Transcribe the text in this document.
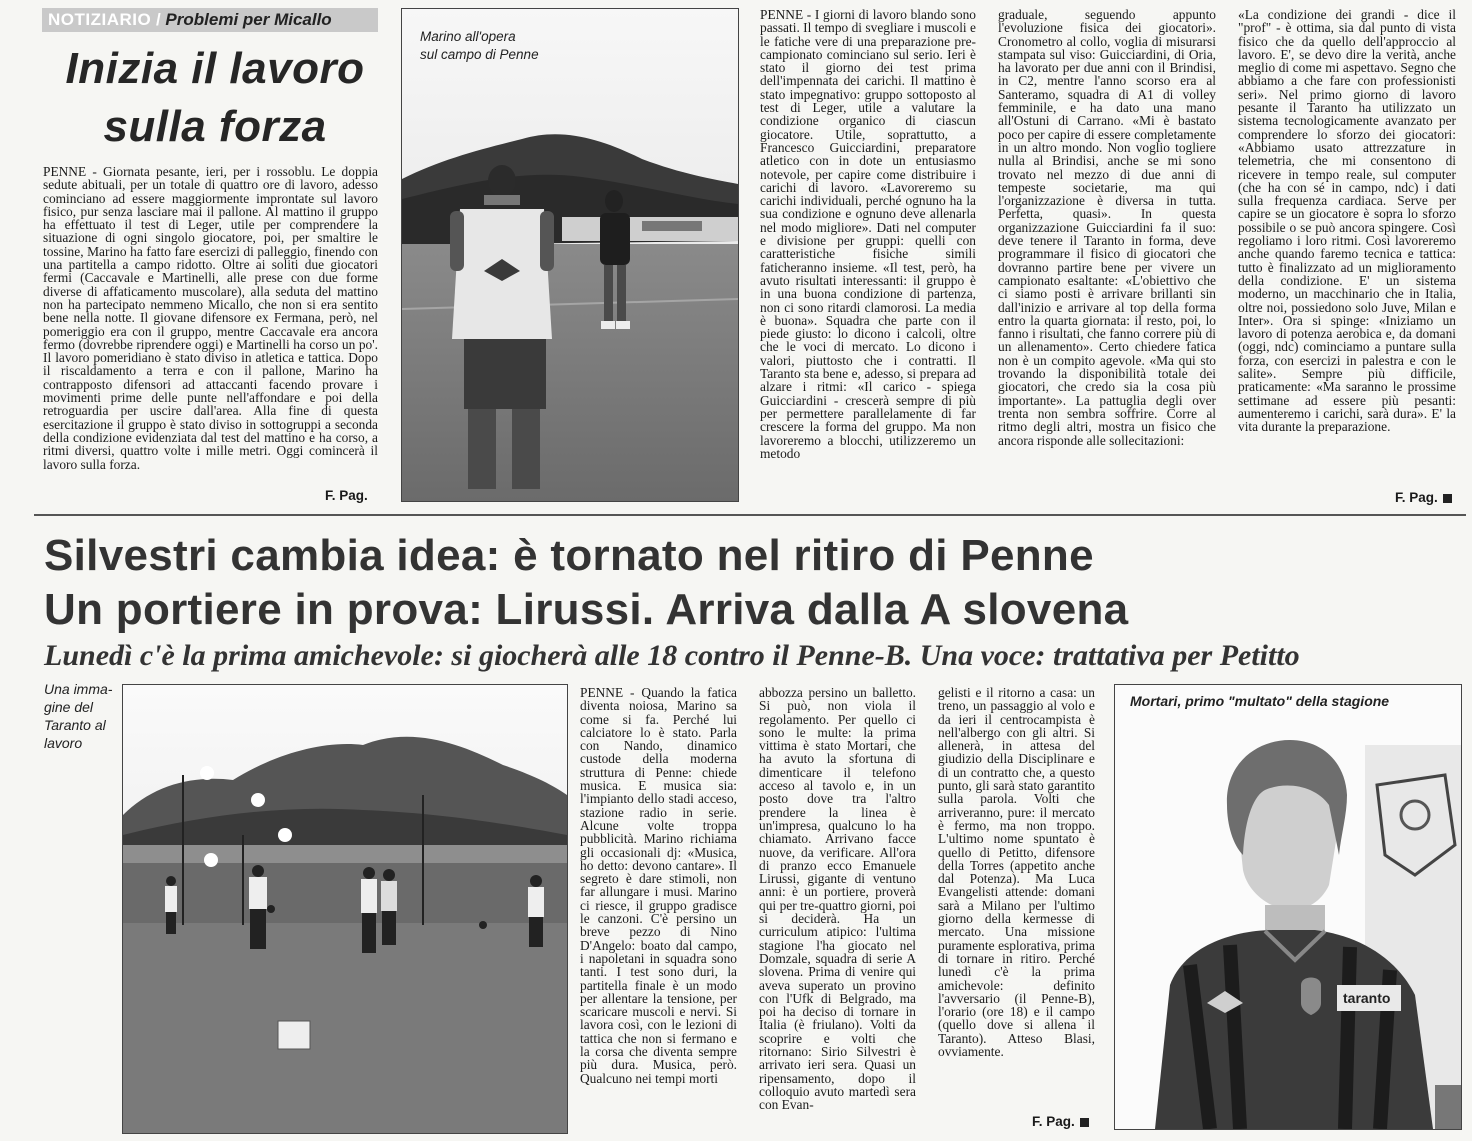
NOTIZIARIO / Problemi per Micallo
Inizia il lavoro
sulla forza

PENNE - Giornata pesante, ieri, per i rossoblu. Le doppia sedute abituali, per un totale di quattro ore di lavoro, adesso cominciano ad essere maggiormente improntate sul lavoro fisico, pur senza lasciare mai il pallone. Al mattino il gruppo ha effettuato il test di Leger, utile per comprendere la situazione di ogni singolo giocatore, poi, per smaltire le tossine, Marino ha fatto fare esercizi di palleggio, finendo con una partitella a campo ridotto. Oltre ai soliti due giocatori fermi (Caccavale e Martinelli, alle prese con due forme diverse di affaticamento muscolare), alla seduta del mattino non ha partecipato nemmeno Micallo, che non si era sentito bene nella notte. Il giovane difensore ex Fermana, però, nel pomeriggio era con il gruppo, mentre Caccavale era ancora fermo (dovrebbe riprendere oggi) e Martinelli ha corso un po'. Il lavoro pomeridiano è stato diviso in atletica e tattica. Dopo il riscaldamento a terra e con il pallone, Marino ha contrapposto difensori ad attaccanti facendo provare i movimenti prime delle punte nell'affondare e poi della retroguardia per uscire dall'area. Alla fine di questa esercitazione il gruppo è stato diviso in sottogruppi a seconda della condizione evidenziata dal test del mattino e ha corso, a ritmi diversi, quattro volte i mille metri. Oggi comincerà il lavoro sulla forza.

F. Pag.
Marino all'opera
sul campo di Penne

PENNE - I giorni di lavoro blando sono passati. Il tempo di svegliare i muscoli e le fatiche vere di una preparazione pre-campionato cominciano sul serio. Ieri è stato il giorno dei test prima dell'impennata dei carichi. Il mattino è stato impegnativo: gruppo sottoposto al test di Leger, utile a valutare la condizione organico di ciascun giocatore. Utile, soprattutto, a Francesco Guicciardini, preparatore atletico con in dote un entusiasmo notevole, per capire come distribuire i carichi di lavoro. «Lavoreremo su carichi individuali, perché ognuno ha la sua condizione e ognuno deve allenarla nel modo migliore». Dati nel computer e divisione per gruppi: quelli con caratteristiche fisiche simili faticheranno insieme. «Il test, però, ha avuto risultati interessanti: il gruppo è in una buona condizione di partenza, non ci sono ritardi clamorosi. La media è buona». Squadra che parte con il piede giusto: lo dicono i calcoli, oltre che le voci di mercato. Lo dicono i valori, piuttosto che i contratti. Il Taranto sta bene e, adesso, si prepara ad alzare i ritmi: «Il carico - spiega Guicciardini - crescerà sempre di più per permettere parallelamente di far crescere la forma del gruppo. Ma non lavoreremo a blocchi, utilizzeremo un metodo

graduale, seguendo appunto l'evoluzione fisica dei giocatori». Cronometro al collo, voglia di misurarsi stampata sul viso: Guicciardini, di Oria, ha lavorato per due anni con il Brindisi, in C2, mentre l'anno scorso era al Santeramo, squadra di A1 di volley femminile, e ha dato una mano all'Ostuni di Carrano. «Mi è bastato poco per capire di essere completamente in un altro mondo. Non voglio togliere nulla al Brindisi, anche se mi sono trovato nel mezzo di due anni di tempeste societarie, ma qui l'organizzazione è diversa in tutta. Perfetta, quasi». In questa organizzazione Guicciardini fa il suo: deve tenere il Taranto in forma, deve programmare il fisico di giocatori che dovranno partire bene per vivere un campionato esaltante: «L'obiettivo che ci siamo posti è arrivare brillanti sin dall'inizio e arrivare al top della forma entro la quarta giornata: il resto, poi, lo fanno i risultati, che fanno correre più di un allenamento». Certo chiedere fatica non è un compito agevole. «Ma qui sto trovando la disponibilità totale dei giocatori, che credo sia la cosa più importante». La pattuglia degli over trenta non sembra soffrire. Corre al ritmo degli altri, mostra un fisico che ancora risponde alle sollecitazioni:

«La condizione dei grandi - dice il "prof" - è ottima, sia dal punto di vista fisico che da quello dell'approccio al lavoro. E', se devo dire la verità, anche meglio di come mi aspettavo. Segno che abbiamo a che fare con professionisti seri». Nel primo giorno di lavoro pesante il Taranto ha utilizzato un sistema tecnologicamente avanzato per comprendere lo sforzo dei giocatori: «Abbiamo usato attrezzature in telemetria, che mi consentono di ricevere in tempo reale, sul computer (che ha con sé in campo, ndc) i dati sulla frequenza cardiaca. Serve per capire se un giocatore è sopra lo sforzo possibile o se può ancora spingere. Così regoliamo i loro ritmi. Così lavoreremo anche quando faremo tecnica e tattica: tutto è finalizzato ad un miglioramento della condizione. E' un sistema moderno, un macchinario che in Italia, oltre noi, possiedono solo Juve, Milan e Inter». Ora si spinge: «Iniziamo un lavoro di potenza aerobica e, da domani (oggi, ndc) cominciamo a puntare sulla forza, con esercizi in palestra e con le salite». Sempre più difficile, praticamente: «Ma saranno le prossime settimane ad essere più pesanti: aumenteremo i carichi, sarà dura». E' la vita durante la preparazione.

F. Pag.
Silvestri cambia idea: è tornato nel ritiro di Penne
Un portiere in prova: Lirussi. Arriva dalla A slovena
Lunedì c'è la prima amichevole: si giocherà alle 18 contro il Penne-B. Una voce: trattativa per Petitto
Una imma-gine del Taranto al lavoro

PENNE - Quando la fatica diventa noiosa, Marino sa come si fa. Perché lui calciatore lo è stato. Parla con Nando, dinamico custode della moderna struttura di Penne: chiede musica. E musica sia: l'impianto dello stadi acceso, stazione radio in serie. Alcune volte troppa pubblicità. Marino richiama gli occasionali dj: «Musica, ho detto: devono cantare». Il segreto è dare stimoli, non far allungare i musi. Marino ci riesce, il gruppo gradisce le canzoni. C'è persino un breve pezzo di Nino D'Angelo: boato dal campo, i napoletani in squadra sono tanti. I test sono duri, la partitella finale è un modo per allentare la tensione, per scaricare muscoli e nervi. Si lavora così, con le lezioni di tattica che non si fermano e la corsa che diventa sempre più dura. Musica, però. Qualcuno nei tempi morti

abbozza persino un balletto. Si può, non viola il regolamento. Per quello ci sono le multe: la prima vittima è stato Mortari, che ha avuto la sfortuna di dimenticare il telefono acceso al tavolo e, in un posto dove tra l'altro prendere la linea è un'impresa, qualcuno lo ha chiamato. Arrivano facce nuove, da verificare. All'ora di pranzo ecco Emanuele Lirussi, gigante di ventuno anni: è un portiere, proverà qui per tre-quattro giorni, poi si deciderà. Ha un curriculum atipico: l'ultima stagione l'ha giocato nel Domzale, squadra di serie A slovena. Prima di venire qui aveva superato un provino con l'Ufk di Belgrado, ma poi ha deciso di tornare in Italia (è friulano). Volti da scoprire e volti che ritornano: Sirio Silvestri è arrivato ieri sera. Quasi un ripensamento, dopo il colloquio avuto martedì sera con Evan-

gelisti e il ritorno a casa: un treno, un passaggio al volo e da ieri il centrocampista è nell'albergo con gli altri. Si allenerà, in attesa del giudizio della Disciplinare e di un contratto che, a questo punto, gli sarà stato garantito sulla parola. Volti che arriveranno, pure: il mercato è fermo, ma non troppo. L'ultimo nome spuntato è quello di Petitto, difensore della Torres (appetito anche dal Potenza). Ma Luca Evangelisti attende: domani sarà a Milano per l'ultimo giorno della kermesse di mercato. Una missione puramente esplorativa, prima di tornare in ritiro. Perché lunedì c'è la prima amichevole: definito l'avversario (il Penne-B), l'orario (ore 18) e il campo (quello dove si allena il Taranto). Atteso Blasi, ovviamente.

F. Pag.
taranto
Mortari, primo "multato" della stagione
